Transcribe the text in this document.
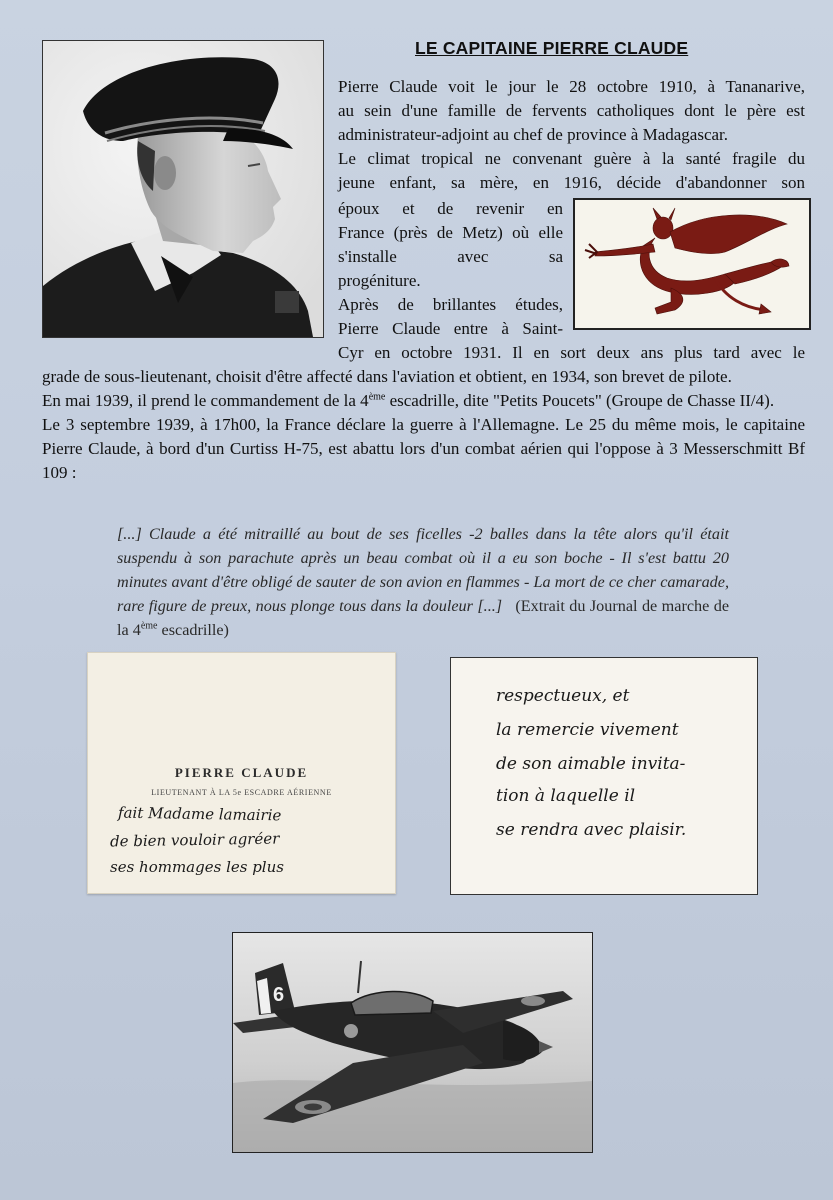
LE CAPITAINE PIERRE CLAUDE

Pierre Claude voit le jour le 28 octobre 1910, à Tananarive,

au sein d'une famille de fervents catholiques dont le père est

administrateur-adjoint au chef de province à Madagascar.

Le climat tropical ne convenant guère à la santé fragile du

jeune enfant, sa mère, en 1916, décide d'abandonner son

époux et de revenir en

France (près de Metz) où elle

s'installe avec sa

progéniture.

Après de brillantes études,

Pierre Claude entre à Saint-

Cyr en octobre 1931. Il en sort deux ans plus tard avec le

grade de sous-lieutenant, choisit d'être affecté dans l'aviation et obtient, en 1934, son brevet de pilote.

En mai 1939, il prend le commandement de la 4ème escadrille, dite "Petits Poucets" (Groupe de Chasse II/4).

Le 3 septembre 1939, à 17h00, la France déclare la guerre à l'Allemagne. Le 25 du même mois, le capitaine Pierre Claude, à bord d'un Curtiss H-75, est abattu lors d'un combat aérien qui l'oppose à 3 Messerschmitt Bf 109 :

[...] Claude a été mitraillé au bout de ses ficelles -2 balles dans la tête alors qu'il était suspendu à son parachute après un beau combat où il a eu son boche - Il s'est battu 20 minutes avant d'être obligé de sauter de son avion en flammes - La mort de ce cher camarade, rare figure de preux, nous plonge tous dans la douleur [...] (Extrait du Journal de marche de la 4ème escadrille)
PIERRE CLAUDE
LIEUTENANT À LA 5e ESCADRE AÉRIENNE
fait Madame lamairie
de bien vouloir agréer
ses hommages les plus
respectueux, et
la remercie vivement
de son aimable invita-
tion à laquelle il
se rendra avec plaisir.
6
